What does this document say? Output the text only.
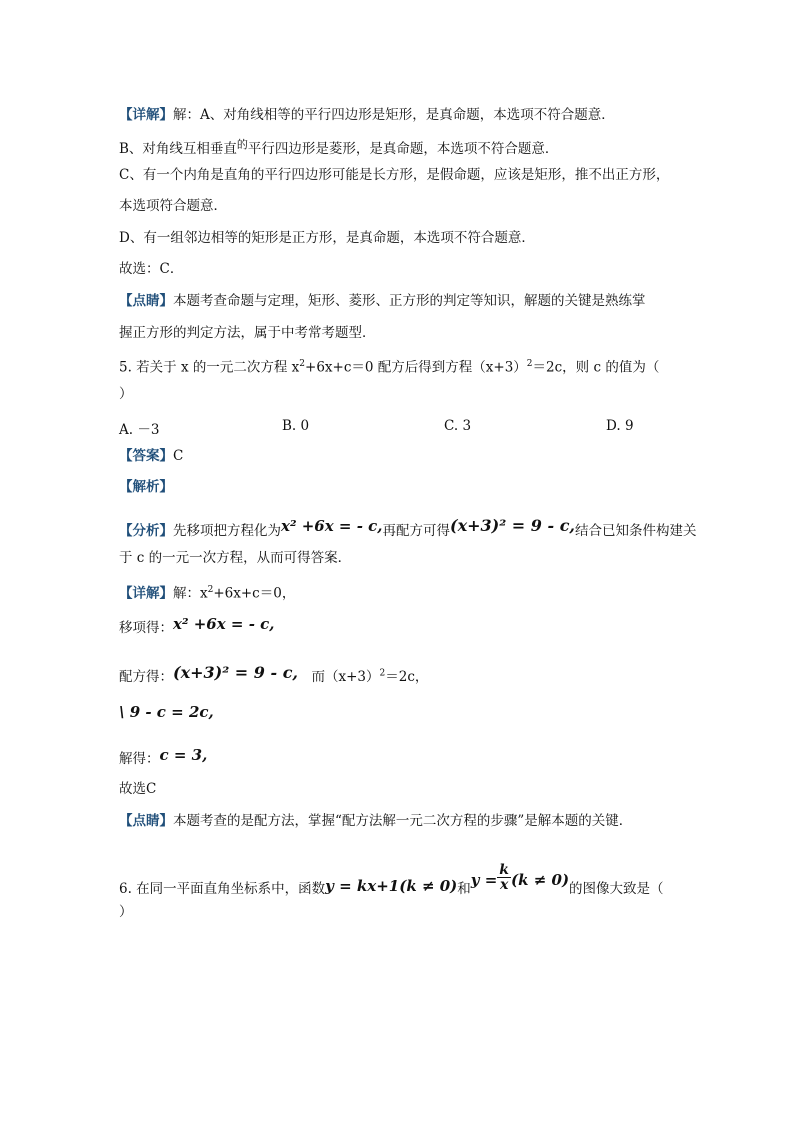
【详解】解：A、对角线相等的平行四边形是矩形，是真命题，本选项不符合题意．
B、对角线互相垂直$^的$平行四边形是菱形，是真命题，本选项不符合题意．
C、有一个内角是直角的平行四边形可能是长方形，是假命题，应该是矩形，推不出正方形，
本选项符合题意．
D、有一组邻边相等的矩形是正方形，是真命题，本选项不符合题意．
故选：C．
【点睛】本题考查命题与定理，矩形、菱形、正方形的判定等知识，解题的关键是熟练掌
握正方形的判定方法，属于中考常考题型．
5. 若关于 x 的一元二次方程 $x^2+6x+c=0$ 配方后得到方程$(x+3)^2=2c$，则 c 的值为（
）
A. －3	B. 0	C. 3	D. 9
【答案】C
【解析】
【分析】先移项把方程化为x² +6x = - c,再配方可得(x+3)² = 9 - c,结合已知条件构建关
于 c 的一元一次方程，从而可得答案．
【详解】解：$x^2+6x+c=0$，
移项得：x² +6x = - c,
配方得：(x+3)² = 9 - c,　 而$(x+3)^2=2c$，
\ 9 - c = 2c,
解得：c = 3,
故选C
【点睛】本题考查的是配方法，掌握“配方法解一元二次方程的步骤”是解本题的关键．
6. 在同一平面直角坐标系中，函数y = kx+1(k ≠ 0)和$y = \frac{k}{x} (k \ne 0)$的图像大致是（
）
